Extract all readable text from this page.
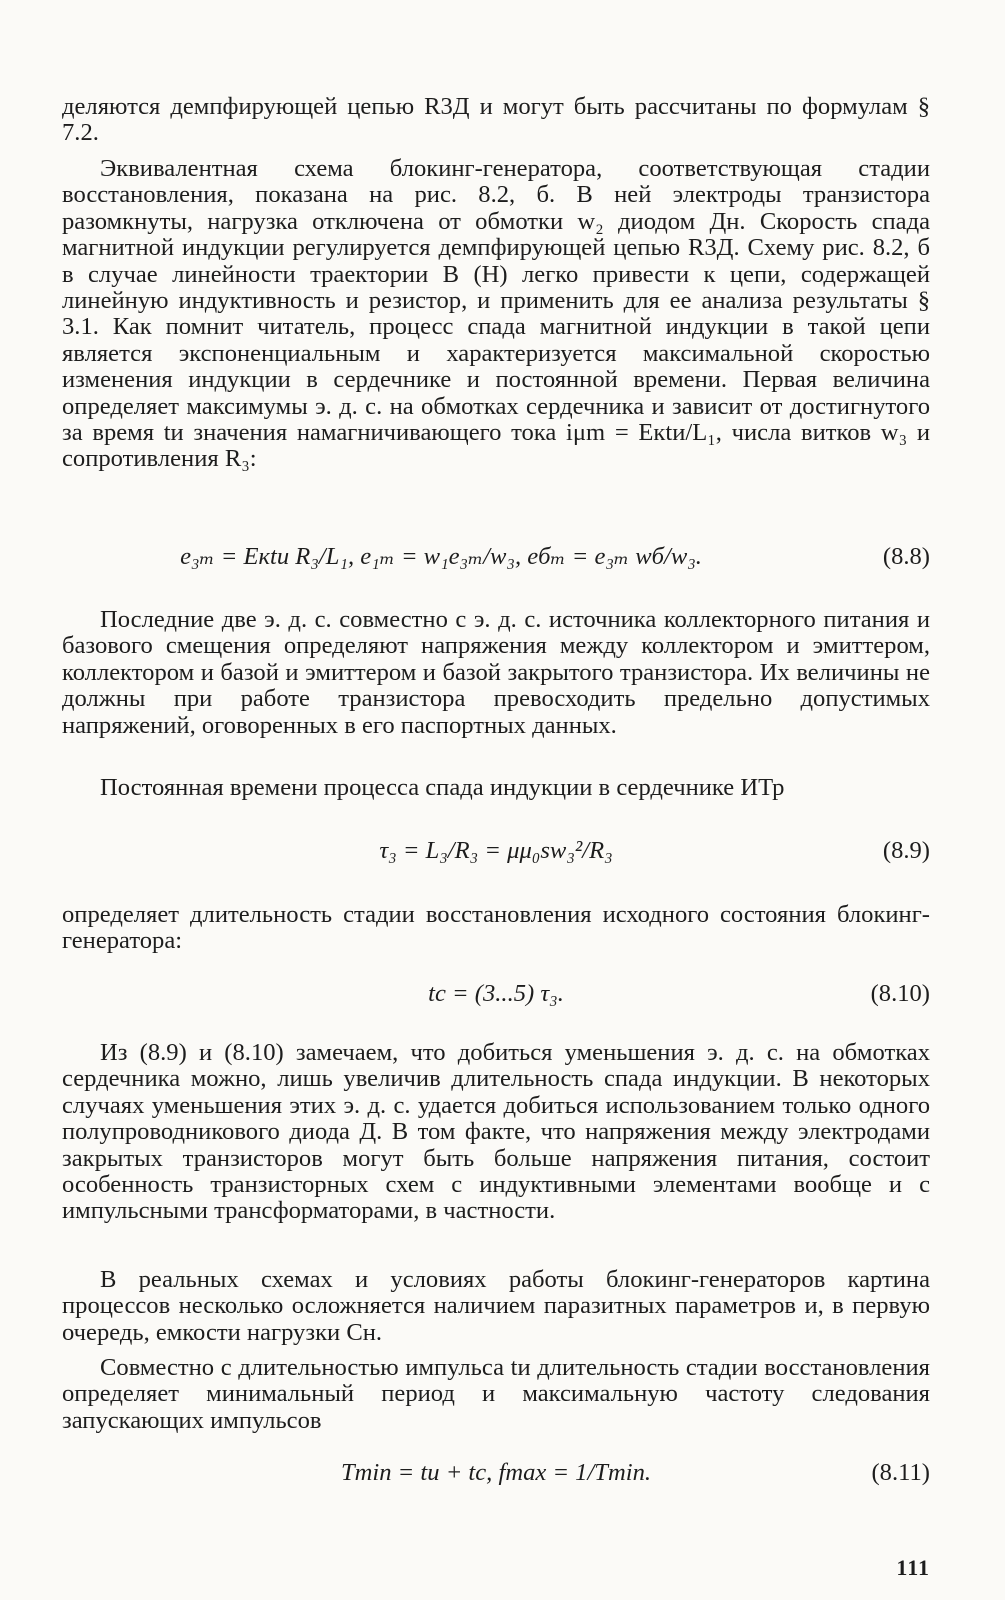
деляются демпфирующей цепью R3Д и могут быть рассчитаны по формулам § 7.2.

Эквивалентная схема блокинг-генератора, соответствующая стадии восстановления, показана на рис. 8.2, б. В ней электроды транзистора разомкнуты, нагрузка отключена от обмотки w₂ диодом Дн. Скорость спада магнитной индукции регулируется демпфирующей цепью R3Д. Схему рис. 8.2, б в случае линейности траектории В (Н) легко привести к цепи, содержащей линейную индуктивность и резистор, и применить для ее анализа результаты § 3.1. Как помнит читатель, процесс спада магнитной индукции в такой цепи является экспоненциальным и характеризуется максимальной скоростью изменения индукции в сердечнике и постоянной времени. Первая величина определяет максимумы э. д. с. на обмотках сердечника и зависит от достигнутого за время tи значения намагничивающего тока iμm = Eкtи/L₁, числа витков w₃ и сопротивления R₃:

e₃ₘ = Eкtи R₃/L₁, e₁ₘ = w₁e₃ₘ/w₃, eбₘ = e₃ₘ wб/w₃.	(8.8)

Последние две э. д. с. совместно с э. д. с. источника коллекторного питания и базового смещения определяют напряжения между коллектором и эмиттером, коллектором и базой и эмиттером и базой закрытого транзистора. Их величины не должны при работе транзистора превосходить предельно допустимых напряжений, оговоренных в его паспортных данных.

Постоянная времени процесса спада индукции в сердечнике ИТр

τ₃ = L₃/R₃ = μμ₀sw₃²/R₃	(8.9)

определяет длительность стадии восстановления исходного состояния блокинг-генератора:

tс = (3...5) τ₃.	(8.10)

Из (8.9) и (8.10) замечаем, что добиться уменьшения э. д. с. на обмотках сердечника можно, лишь увеличив длительность спада индукции. В некоторых случаях уменьшения этих э. д. с. удается добиться использованием только одного полупроводникового диода Д. В том факте, что напряжения между электродами закрытых транзисторов могут быть больше напряжения питания, состоит особенность транзисторных схем с индуктивными элементами вообще и с импульсными трансформаторами, в частности.

В реальных схемах и условиях работы блокинг-генераторов картина процессов несколько осложняется наличием паразитных параметров и, в первую очередь, емкости нагрузки Сн.

Совместно с длительностью импульса tи длительность стадии восстановления определяет минимальный период и максимальную частоту следования запускающих импульсов

Tmin = tи + tс, fmax = 1/Tmin.	(8.11)
111
